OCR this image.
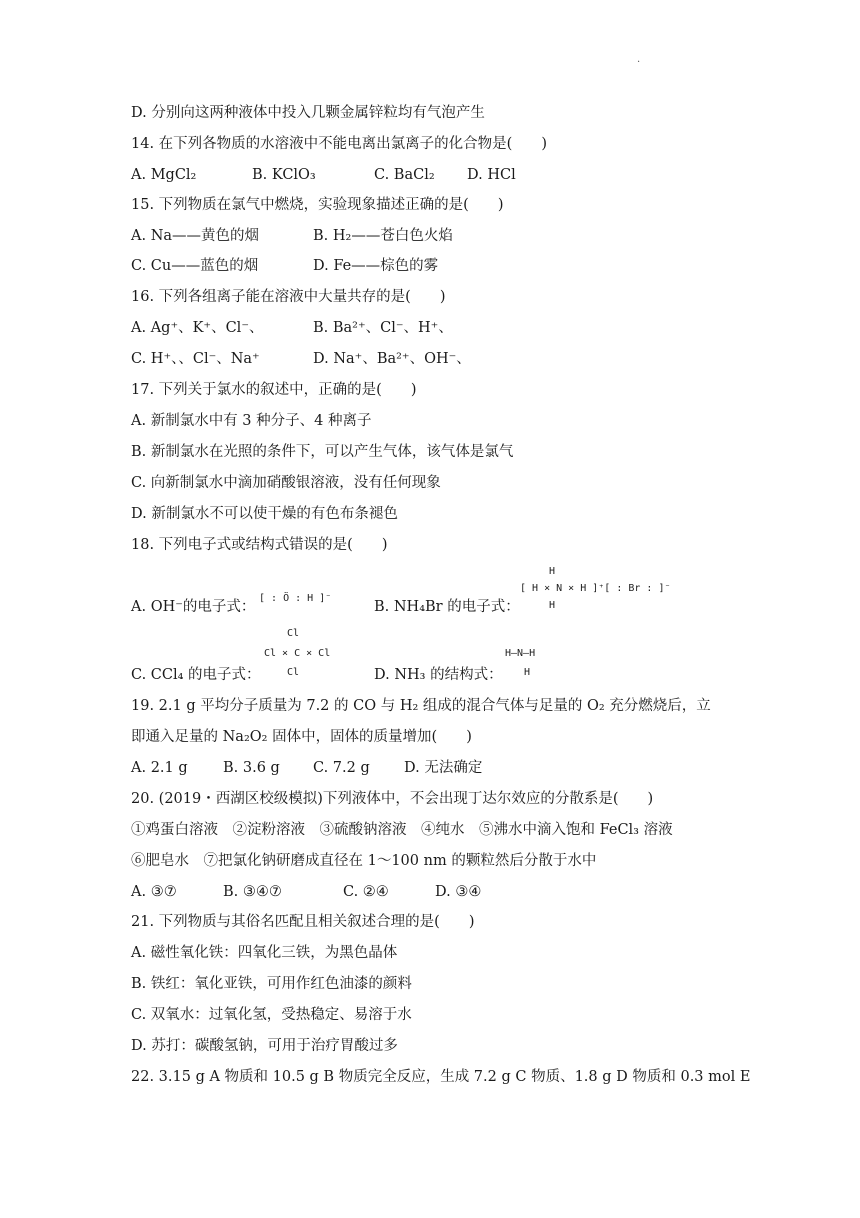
.
D. 分别向这两种液体中投入几颗金属锌粒均有气泡产生
14. 在下列各物质的水溶液中不能电离出氯离子的化合物是(　　)
A. MgCl₂	B. KClO₃	C. BaCl₂ D. HCl
15. 下列物质在氯气中燃烧，实验现象描述正确的是(　　)
A. Na——黄色的烟	B. H₂——苍白色火焰
C. Cu——蓝色的烟	D. Fe——棕色的雾
16. 下列各组离子能在溶液中大量共存的是(　　)
A. Ag⁺、K⁺、Cl⁻、	B. Ba²⁺、Cl⁻、H⁺、
C. H⁺、、Cl⁻、Na⁺	D. Na⁺、Ba²⁺、OH⁻、
17. 下列关于氯水的叙述中，正确的是(　　)
A. 新制氯水中有 3 种分子、4 种离子
B. 新制氯水在光照的条件下，可以产生气体，该气体是氯气
C. 向新制氯水中滴加硝酸银溶液，没有任何现象
D. 新制氯水不可以使干燥的有色布条褪色
18. 下列电子式或结构式错误的是(　　)
A. OH⁻的电子式：
[ : Ö : H ]⁻
B. NH₄Br 的电子式：
H
[ H × N × H ]⁺[ : Br : ]⁻
H
Cl
Cl × C × Cl
Cl
C. CCl₄ 的电子式：	D. NH₃ 的结构式：
H—N—H
H
19. 2.1 g 平均分子质量为 7.2 的 CO 与 H₂ 组成的混合气体与足量的 O₂ 充分燃烧后，立
即通入足量的 Na₂O₂ 固体中，固体的质量增加(　　)
A. 2.1 g B. 3.6 g C. 7.2 g D. 无法确定
20. (2019・西湖区校级模拟)下列液体中，不会出现丁达尔效应的分散系是(　　)
①鸡蛋白溶液　②淀粉溶液　③硫酸钠溶液　④纯水　⑤沸水中滴入饱和 FeCl₃ 溶液
⑥肥皂水　⑦把氯化钠研磨成直径在 1～100 nm 的颗粒然后分散于水中
A. ③⑦	B. ③④⑦	C. ②④	D. ③④
21. 下列物质与其俗名匹配且相关叙述合理的是(　　)
A. 磁性氧化铁：四氧化三铁，为黑色晶体
B. 铁红：氧化亚铁，可用作红色油漆的颜料
C. 双氧水：过氧化氢，受热稳定、易溶于水
D. 苏打：碳酸氢钠，可用于治疗胃酸过多
22. 3.15 g A 物质和 10.5 g B 物质完全反应，生成 7.2 g C 物质、1.8 g D 物质和 0.3 mol E
